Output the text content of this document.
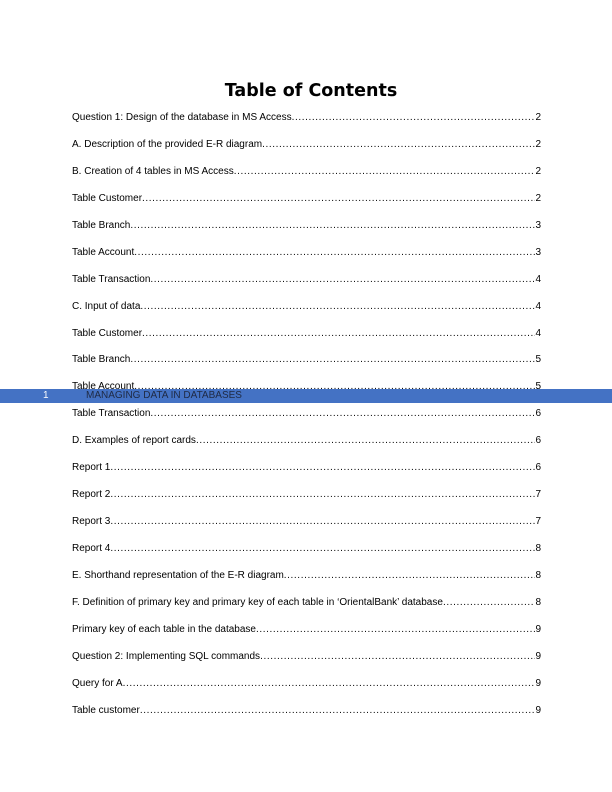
Table of Contents
Question 1: Design of the database in MS Access .....	2
A. Description of the provided E-R diagram .....	2
B. Creation of 4 tables in MS Access .....	2
Table Customer .....	2
Table Branch .....	3
Table Account .....	3
Table Transaction .....	4
C. Input of data .....	4
Table Customer .....	4
Table Branch .....	5
Table Account .....	5
Table Transaction .....	6
D. Examples of report cards .....	6
Report 1 .....	6
Report 2 .....	7
Report 3 .....	7
Report 4 .....	8
E. Shorthand representation of the E-R diagram .....	8
F. Definition of primary key and primary key of each table in ‘OrientalBank’ database .....	8
Primary key of each table in the database .....	9
Question 2: Implementing SQL commands .....	9
Query for A .....	9
Table customer .....	9
1	MANAGING DATA IN DATABASES
